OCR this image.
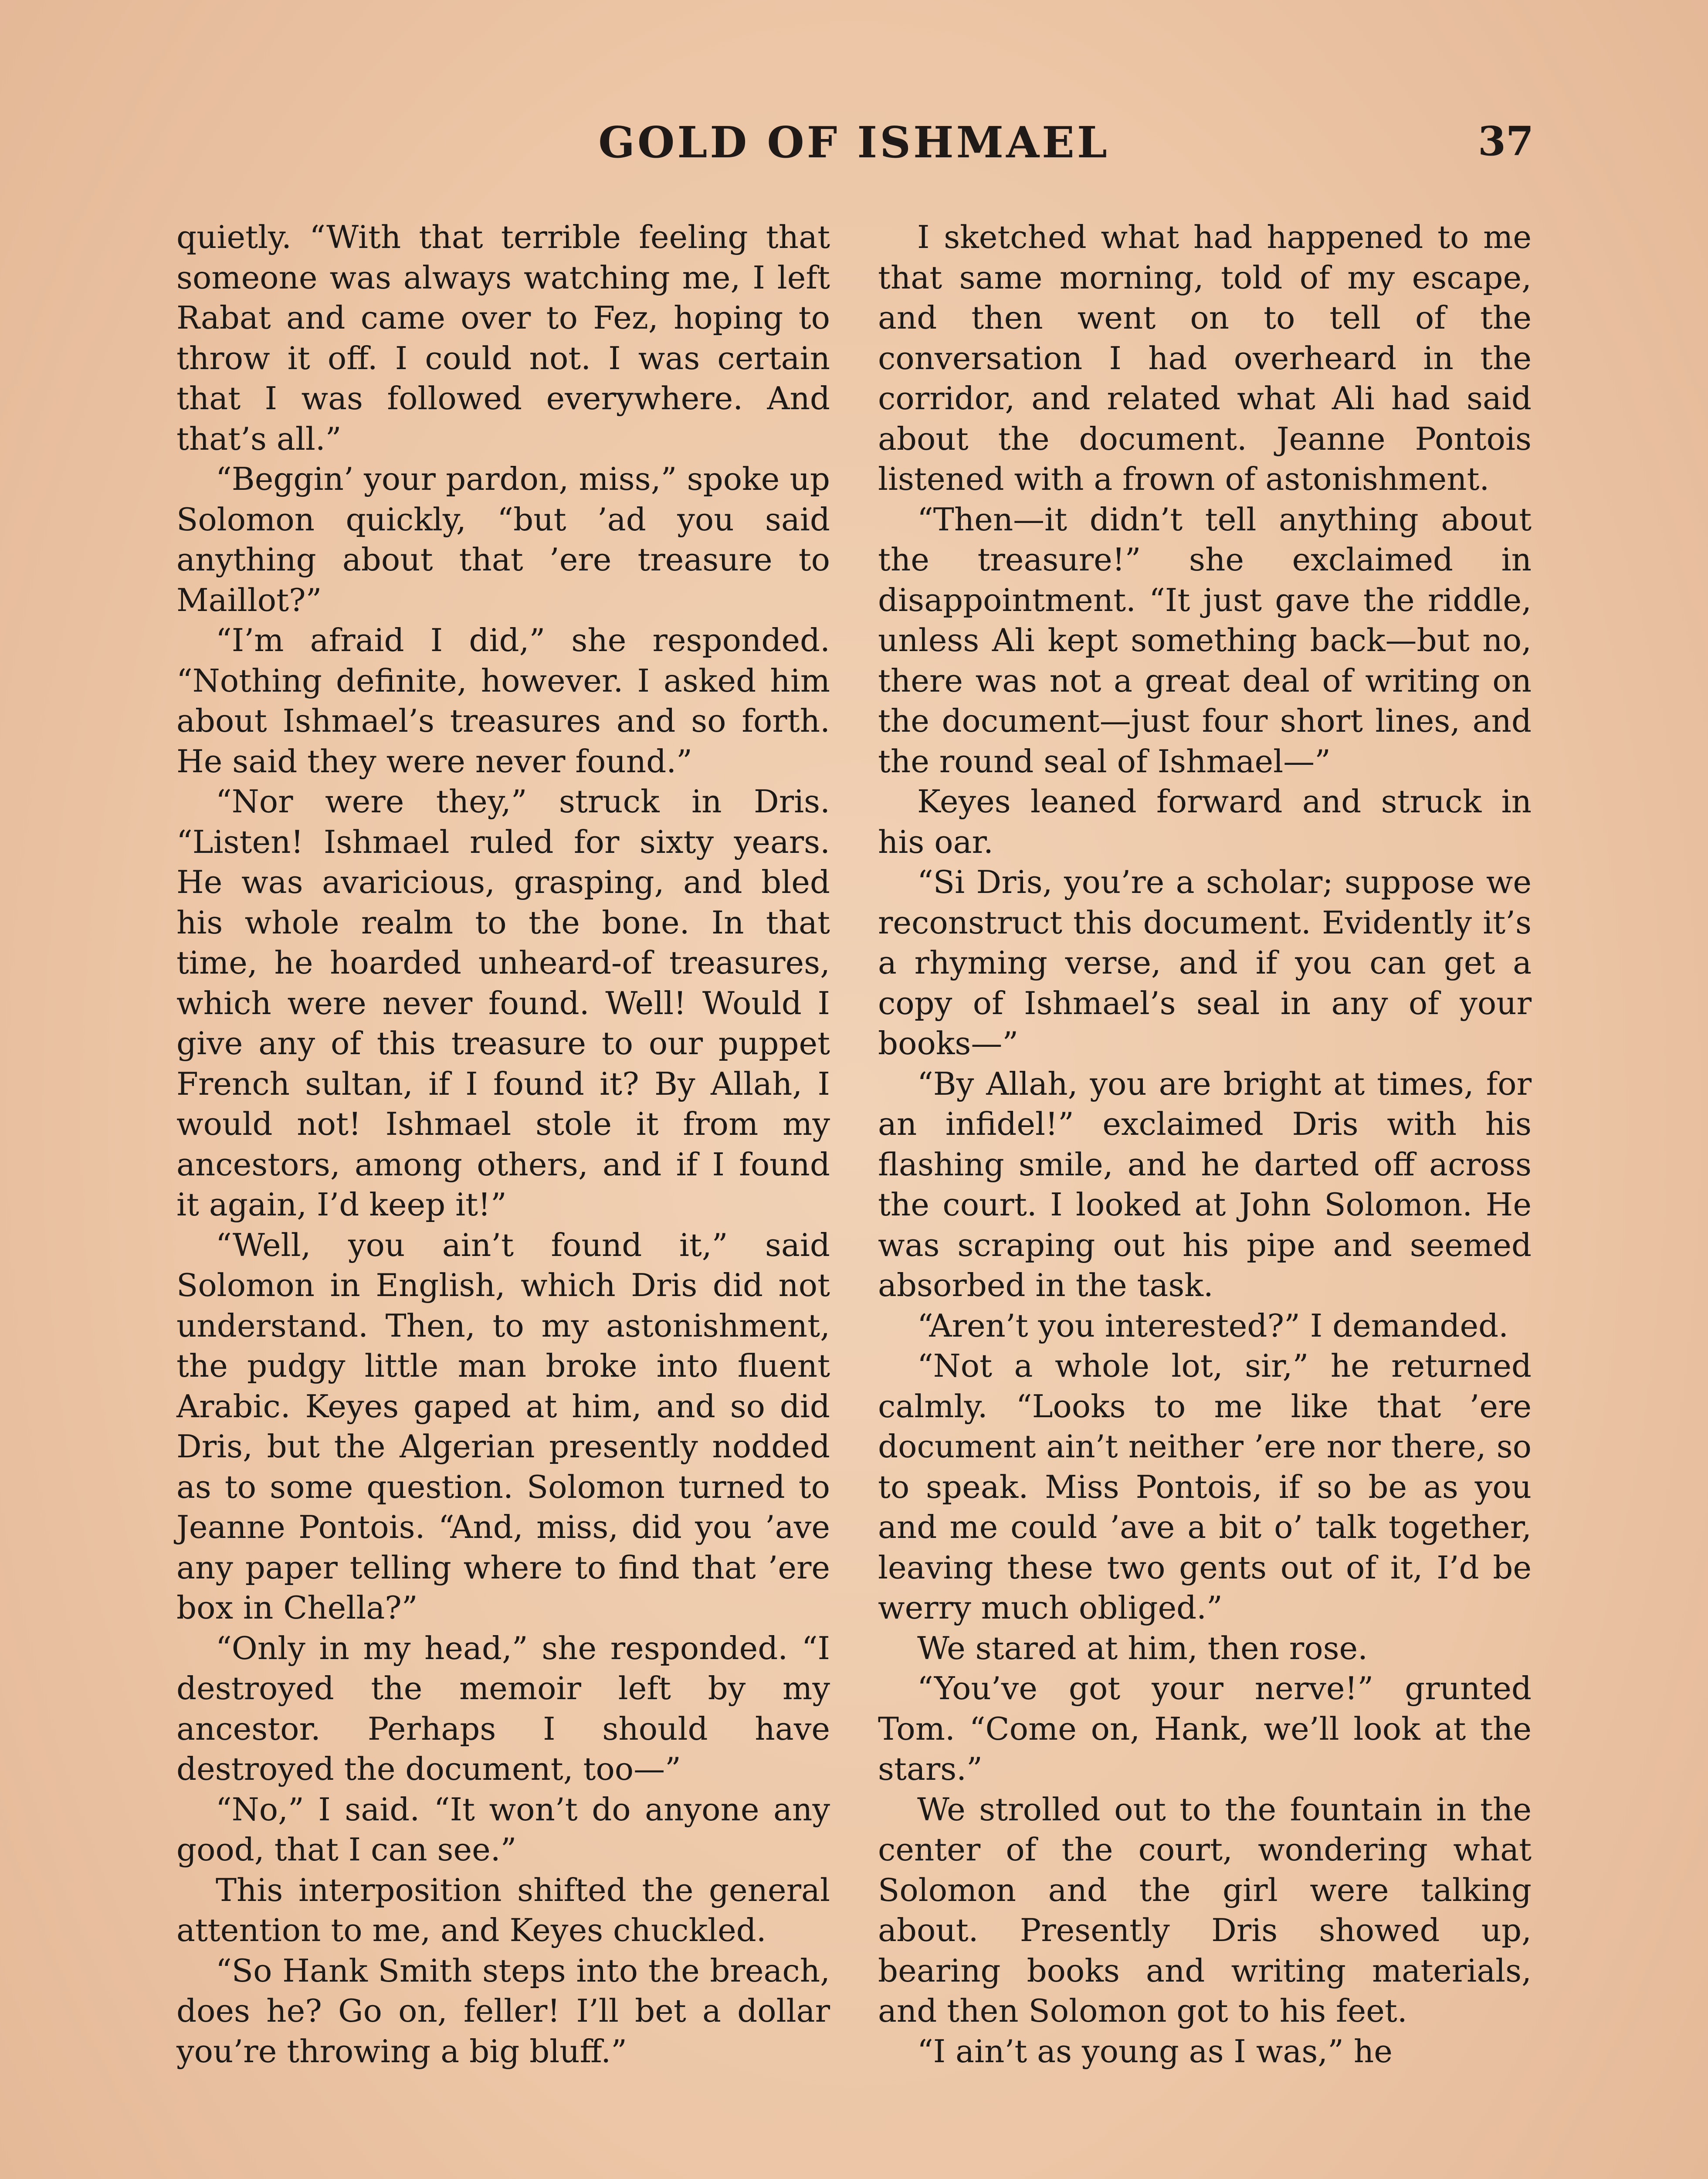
GOLD OF ISHMAEL	37

quietly. “With that terrible feeling that someone was always watching me, I left Rabat and came over to Fez, hoping to throw it off. I could not. I was certain that I was followed everywhere. And that’s all.”

“Beggin’ your pardon, miss,” spoke up Solomon quickly, “but ’ad you said anything about that ’ere treasure to Maillot?”

“I’m afraid I did,” she responded. “Nothing definite, however. I asked him about Ishmael’s treasures and so forth. He said they were never found.”

“Nor were they,” struck in Dris. “Listen! Ishmael ruled for sixty years. He was avaricious, grasping, and bled his whole realm to the bone. In that time, he hoarded unheard-of treasures, which were never found. Well! Would I give any of this treasure to our puppet French sultan, if I found it? By Allah, I would not! Ishmael stole it from my ancestors, among others, and if I found it again, I’d keep it!”

“Well, you ain’t found it,” said Solomon in English, which Dris did not understand. Then, to my astonishment, the pudgy little man broke into fluent Arabic. Keyes gaped at him, and so did Dris, but the Algerian presently nodded as to some question. Solomon turned to Jeanne Pontois. “And, miss, did you ’ave any paper telling where to find that ’ere box in Chella?”

“Only in my head,” she responded. “I destroyed the memoir left by my ancestor. Perhaps I should have destroyed the document, too—”

“No,” I said. “It won’t do anyone any good, that I can see.”

This interposition shifted the general attention to me, and Keyes chuckled.

“So Hank Smith steps into the breach, does he? Go on, feller! I’ll bet a dollar you’re throwing a big bluff.”

I sketched what had happened to me that same morning, told of my escape, and then went on to tell of the conversation I had overheard in the corridor, and related what Ali had said about the document. Jeanne Pontois listened with a frown of astonishment.

“Then—it didn’t tell anything about the treasure!” she exclaimed in disappointment. “It just gave the riddle, unless Ali kept something back—but no, there was not a great deal of writing on the document—just four short lines, and the round seal of Ishmael—”

Keyes leaned forward and struck in his oar.

“Si Dris, you’re a scholar; suppose we reconstruct this document. Evidently it’s a rhyming verse, and if you can get a copy of Ishmael’s seal in any of your books—”

“By Allah, you are bright at times, for an infidel!” exclaimed Dris with his flashing smile, and he darted off across the court. I looked at John Solomon. He was scraping out his pipe and seemed absorbed in the task.

“Aren’t you interested?” I demanded.

“Not a whole lot, sir,” he returned calmly. “Looks to me like that ’ere document ain’t neither ’ere nor there, so to speak. Miss Pontois, if so be as you and me could ’ave a bit o’ talk together, leaving these two gents out of it, I’d be werry much obliged.”

We stared at him, then rose.

“You’ve got your nerve!” grunted Tom. “Come on, Hank, we’ll look at the stars.”

We strolled out to the fountain in the center of the court, wondering what Solomon and the girl were talking about. Presently Dris showed up, bearing books and writing materials, and then Solomon got to his feet.

“I ain’t as young as I was,” he
